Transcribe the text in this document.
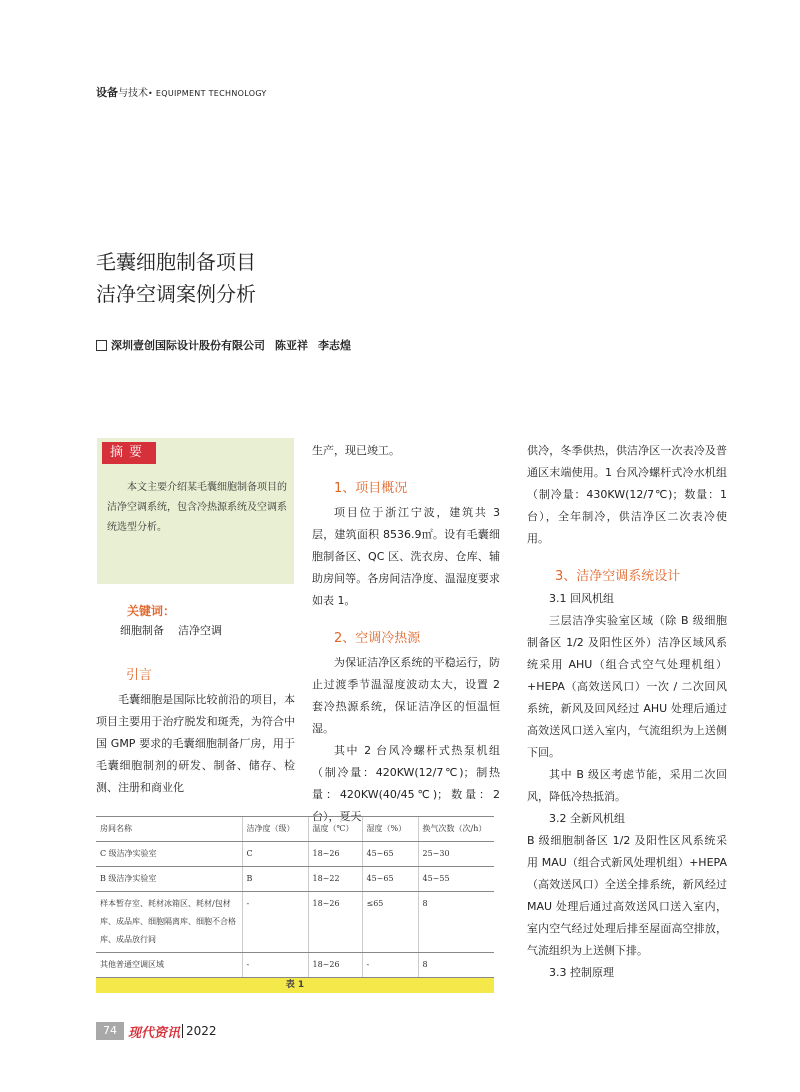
设备与技术• EQUIPMENT TECHNOLOGY
毛囊细胞制备项目
洁净空调案例分析
深圳壹创国际设计股份有限公司 陈亚祥 李志煌
摘要
本文主要介绍某毛囊细胞制备项目的洁净空调系统，包含冷热源系统及空调系统选型分析。
关键词：
细胞制备    洁净空调

引言

毛囊细胞是国际比较前沿的项目，本项目主要用于治疗脱发和斑秃，为符合中国 GMP 要求的毛囊细胞制备厂房，用于毛囊细胞制剂的研发、制备、储存、检测、注册和商业化

生产，现已竣工。

1、项目概况

项目位于浙江宁波，建筑共 3 层，建筑面积 8536.9㎡。设有毛囊细胞制备区、QC 区、洗衣房、仓库、辅助房间等。各房间洁净度、温湿度要求如表 1。

2、空调冷热源

为保证洁净区系统的平稳运行，防止过渡季节温湿度波动太大，设置 2 套冷热源系统，保证洁净区的恒温恒湿。

其中 2 台风冷螺杆式热泵机组（制冷量：420KW(12/7℃)；制热量：420KW(40/45℃)；数量：2 台），夏天

供冷，冬季供热，供洁净区一次表冷及普通区末端使用。1 台风冷螺杆式冷水机组（制冷量：430KW(12/7℃)；数量：1 台），全年制冷，供洁净区二次表冷使用。

3、洁净空调系统设计

3.1 回风机组

三层洁净实验室区域（除 B 级细胞制备区 1/2 及阳性区外）洁净区域风系统采用 AHU（组合式空气处理机组）+HEPA（高效送风口）一次 / 二次回风系统，新风及回风经过 AHU 处理后通过高效送风口送入室内，气流组织为上送侧下回。

其中 B 级区考虑节能，采用二次回风，降低冷热抵消。

3.2 全新风机组

B 级细胞制备区 1/2 及阳性区风系统采用 MAU（组合式新风处理机组）+HEPA（高效送风口）全送全排系统，新风经过 MAU 处理后通过高效送风口送入室内，室内空气经过处理后排至屋面高空排放，气流组织为上送侧下排。

3.3 控制原理

房间名称	洁净度（级）	温度（℃）	湿度（%）	换气次数（次/h）
C 级洁净实验室	C	18~26	45~65	25~30
B 级洁净实验室	B	18~22	45~65	45~55
样本暂存室、耗材冰箱区、耗材/包材库、成品库、细胞隔离库、细胞不合格库、成品放行间	-	18~26	≤65	8
其他普通空调区域	-	18~26	-	8
表 1
74 现代资讯 2022
